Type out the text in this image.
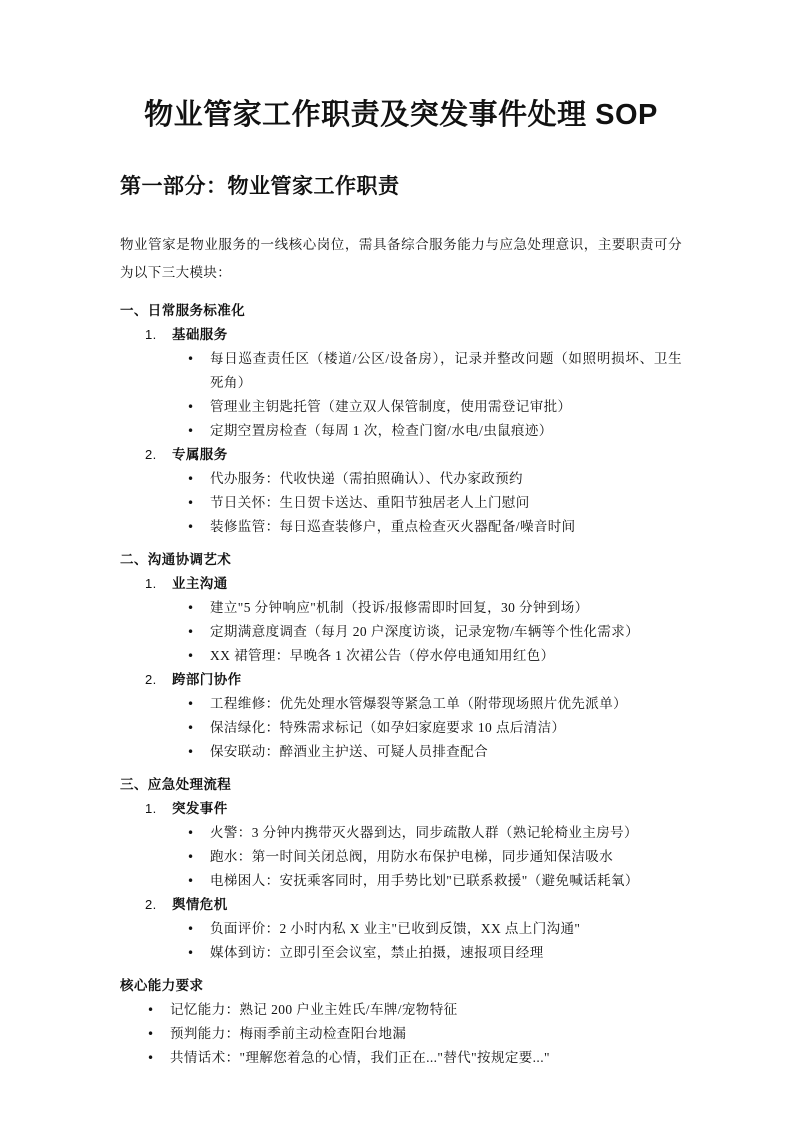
物业管家工作职责及突发事件处理 SOP
第一部分：物业管家工作职责

物业管家是物业服务的一线核心岗位，需具备综合服务能力与应急处理意识，主要职责可分为以下三大模块：

一、日常服务标准化
1. 基础服务
• 每日巡查责任区（楼道/公区/设备房），记录并整改问题（如照明损坏、卫生死角）
• 管理业主钥匙托管（建立双人保管制度，使用需登记审批）
• 定期空置房检查（每周 1 次，检查门窗/水电/虫鼠痕迹）
2. 专属服务
• 代办服务：代收快递（需拍照确认）、代办家政预约
• 节日关怀：生日贺卡送达、重阳节独居老人上门慰问
• 装修监管：每日巡查装修户，重点检查灭火器配备/噪音时间
二、沟通协调艺术
1. 业主沟通
• 建立"5 分钟响应"机制（投诉/报修需即时回复，30 分钟到场）
• 定期满意度调查（每月 20 户深度访谈，记录宠物/车辆等个性化需求）
• XX 裙管理：早晚各 1 次裙公告（停水停电通知用红色）
2. 跨部门协作
• 工程维修：优先处理水管爆裂等紧急工单（附带现场照片优先派单）
• 保洁绿化：特殊需求标记（如孕妇家庭要求 10 点后清洁）
• 保安联动：醉酒业主护送、可疑人员排查配合
三、应急处理流程
1. 突发事件
• 火警：3 分钟内携带灭火器到达，同步疏散人群（熟记轮椅业主房号）
• 跑水：第一时间关闭总阀，用防水布保护电梯，同步通知保洁吸水
• 电梯困人：安抚乘客同时，用手势比划"已联系救援"（避免喊话耗氧）
2. 舆情危机
• 负面评价：2 小时内私 X 业主"已收到反馈，XX 点上门沟通"
• 媒体到访：立即引至会议室，禁止拍摄，速报项目经理
核心能力要求
• 记忆能力：熟记 200 户业主姓氏/车牌/宠物特征
• 预判能力：梅雨季前主动检查阳台地漏
• 共情话术："理解您着急的心情，我们正在..."替代"按规定要..."
